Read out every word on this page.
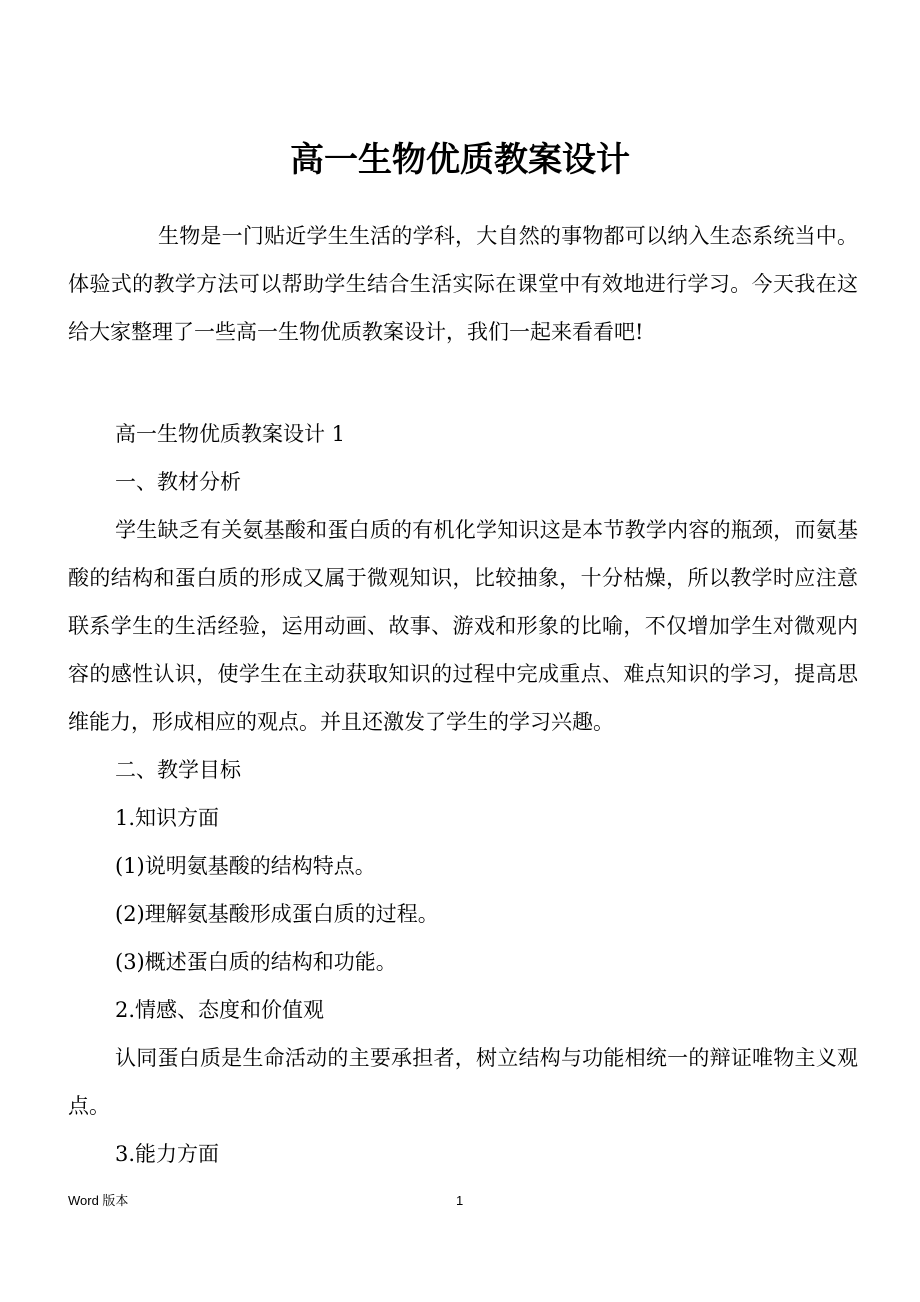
高一生物优质教案设计

生物是一门贴近学生生活的学科，大自然的事物都可以纳入生态系统当中。体验式的教学方法可以帮助学生结合生活实际在课堂中有效地进行学习。今天我在这给大家整理了一些高一生物优质教案设计，我们一起来看看吧!

高一生物优质教案设计 1

一、教材分析

学生缺乏有关氨基酸和蛋白质的有机化学知识这是本节教学内容的瓶颈，而氨基酸的结构和蛋白质的形成又属于微观知识，比较抽象，十分枯燥，所以教学时应注意联系学生的生活经验，运用动画、故事、游戏和形象的比喻，不仅增加学生对微观内容的感性认识，使学生在主动获取知识的过程中完成重点、难点知识的学习，提高思维能力，形成相应的观点。并且还激发了学生的学习兴趣。

二、教学目标

1.知识方面

(1)说明氨基酸的结构特点。

(2)理解氨基酸形成蛋白质的过程。

(3)概述蛋白质的结构和功能。

2.情感、态度和价值观

认同蛋白质是生命活动的主要承担者，树立结构与功能相统一的辩证唯物主义观点。

3.能力方面

Word 版本	1
